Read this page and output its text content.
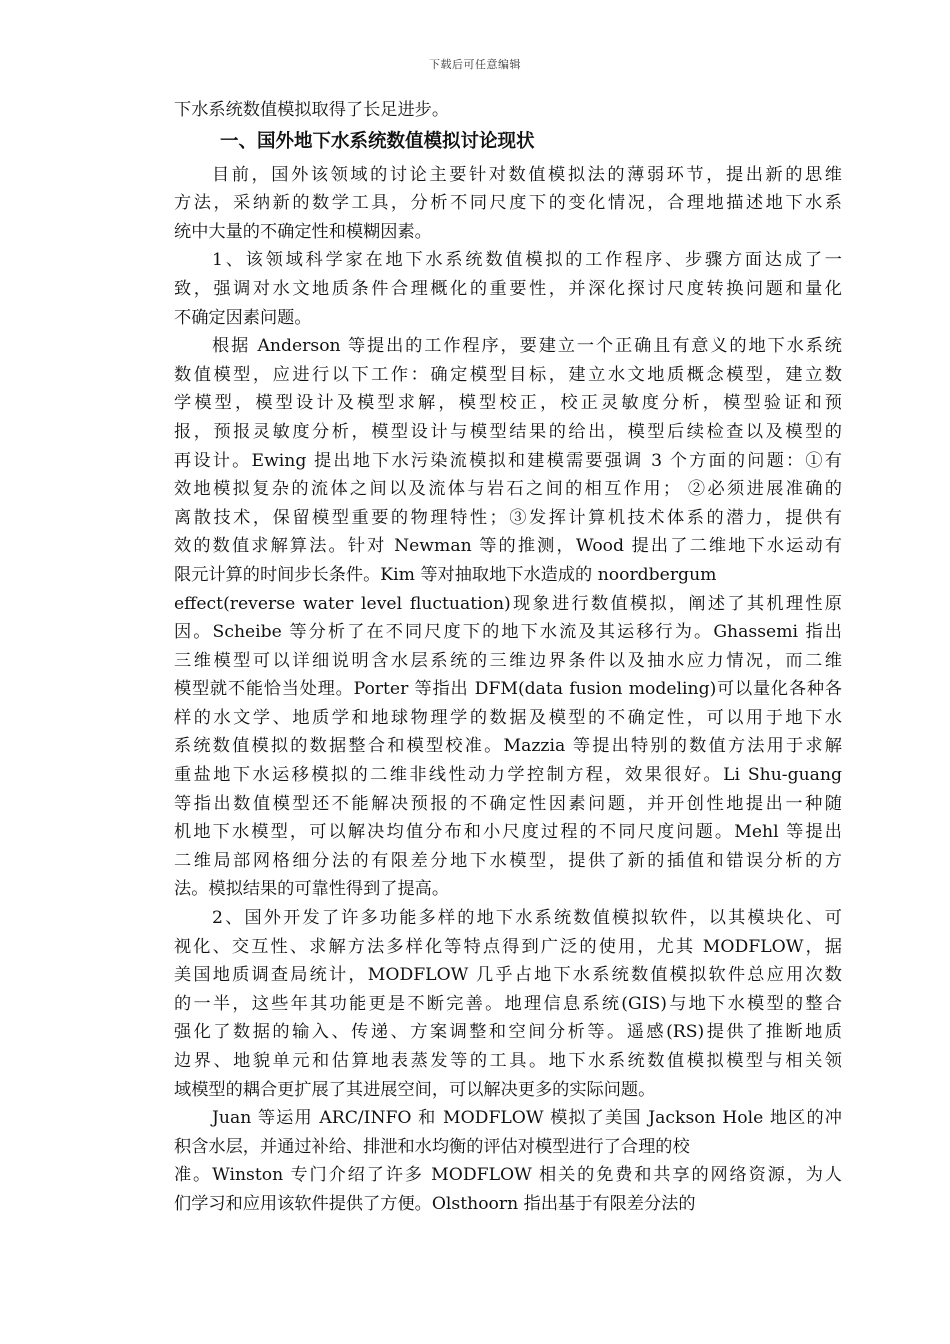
下载后可任意编辑
下水系统数值模拟取得了长足进步。
一、国外地下水系统数值模拟讨论现状
目前，国外该领域的讨论主要针对数值模拟法的薄弱环节，提出新的思维
方法，采纳新的数学工具，分析不同尺度下的变化情况，合理地描述地下水系
统中大量的不确定性和模糊因素。
1、该领域科学家在地下水系统数值模拟的工作程序、步骤方面达成了一
致，强调对水文地质条件合理概化的重要性，并深化探讨尺度转换问题和量化
不确定因素问题。
根据 Anderson 等提出的工作程序，要建立一个正确且有意义的地下水系统
数值模型，应进行以下工作：确定模型目标，建立水文地质概念模型，建立数
学模型，模型设计及模型求解，模型校正，校正灵敏度分析，模型验证和预
报，预报灵敏度分析，模型设计与模型结果的给出，模型后续检查以及模型的
再设计。Ewing 提出地下水污染流模拟和建模需要强调 3 个方面的问题：①有
效地模拟复杂的流体之间以及流体与岩石之间的相互作用； ②必须进展准确的
离散技术，保留模型重要的物理特性；③发挥计算机技术体系的潜力，提供有
效的数值求解算法。针对 Newman 等的推测，Wood 提出了二维地下水运动有
限元计算的时间步长条件。Kim 等对抽取地下水造成的 noordbergum
effect(reverse water level fluctuation)现象进行数值模拟，阐述了其机理性原
因。Scheibe 等分析了在不同尺度下的地下水流及其运移行为。Ghassemi 指出
三维模型可以详细说明含水层系统的三维边界条件以及抽水应力情况，而二维
模型就不能恰当处理。Porter 等指出 DFM(data fusion modeling)可以量化各种各
样的水文学、地质学和地球物理学的数据及模型的不确定性，可以用于地下水
系统数值模拟的数据整合和模型校准。Mazzia 等提出特别的数值方法用于求解
重盐地下水运移模拟的二维非线性动力学控制方程，效果很好。Li Shu-guang
等指出数值模型还不能解决预报的不确定性因素问题，并开创性地提出一种随
机地下水模型，可以解决均值分布和小尺度过程的不同尺度问题。Mehl 等提出
二维局部网格细分法的有限差分地下水模型，提供了新的插值和错误分析的方
法。模拟结果的可靠性得到了提高。
2、国外开发了许多功能多样的地下水系统数值模拟软件，以其模块化、可
视化、交互性、求解方法多样化等特点得到广泛的使用，尤其 MODFLOW，据
美国地质调查局统计，MODFLOW 几乎占地下水系统数值模拟软件总应用次数
的一半，这些年其功能更是不断完善。地理信息系统(GIS)与地下水模型的整合
强化了数据的输入、传递、方案调整和空间分析等。遥感(RS)提供了推断地质
边界、地貌单元和估算地表蒸发等的工具。地下水系统数值模拟模型与相关领
域模型的耦合更扩展了其进展空间，可以解决更多的实际问题。
Juan 等运用 ARC/INFO 和 MODFLOW 模拟了美国 Jackson Hole 地区的冲
积含水层，并通过补给、排泄和水均衡的评估对模型进行了合理的校
准。Winston 专门介绍了许多 MODFLOW 相关的免费和共享的网络资源，为人
们学习和应用该软件提供了方便。Olsthoorn 指出基于有限差分法的
